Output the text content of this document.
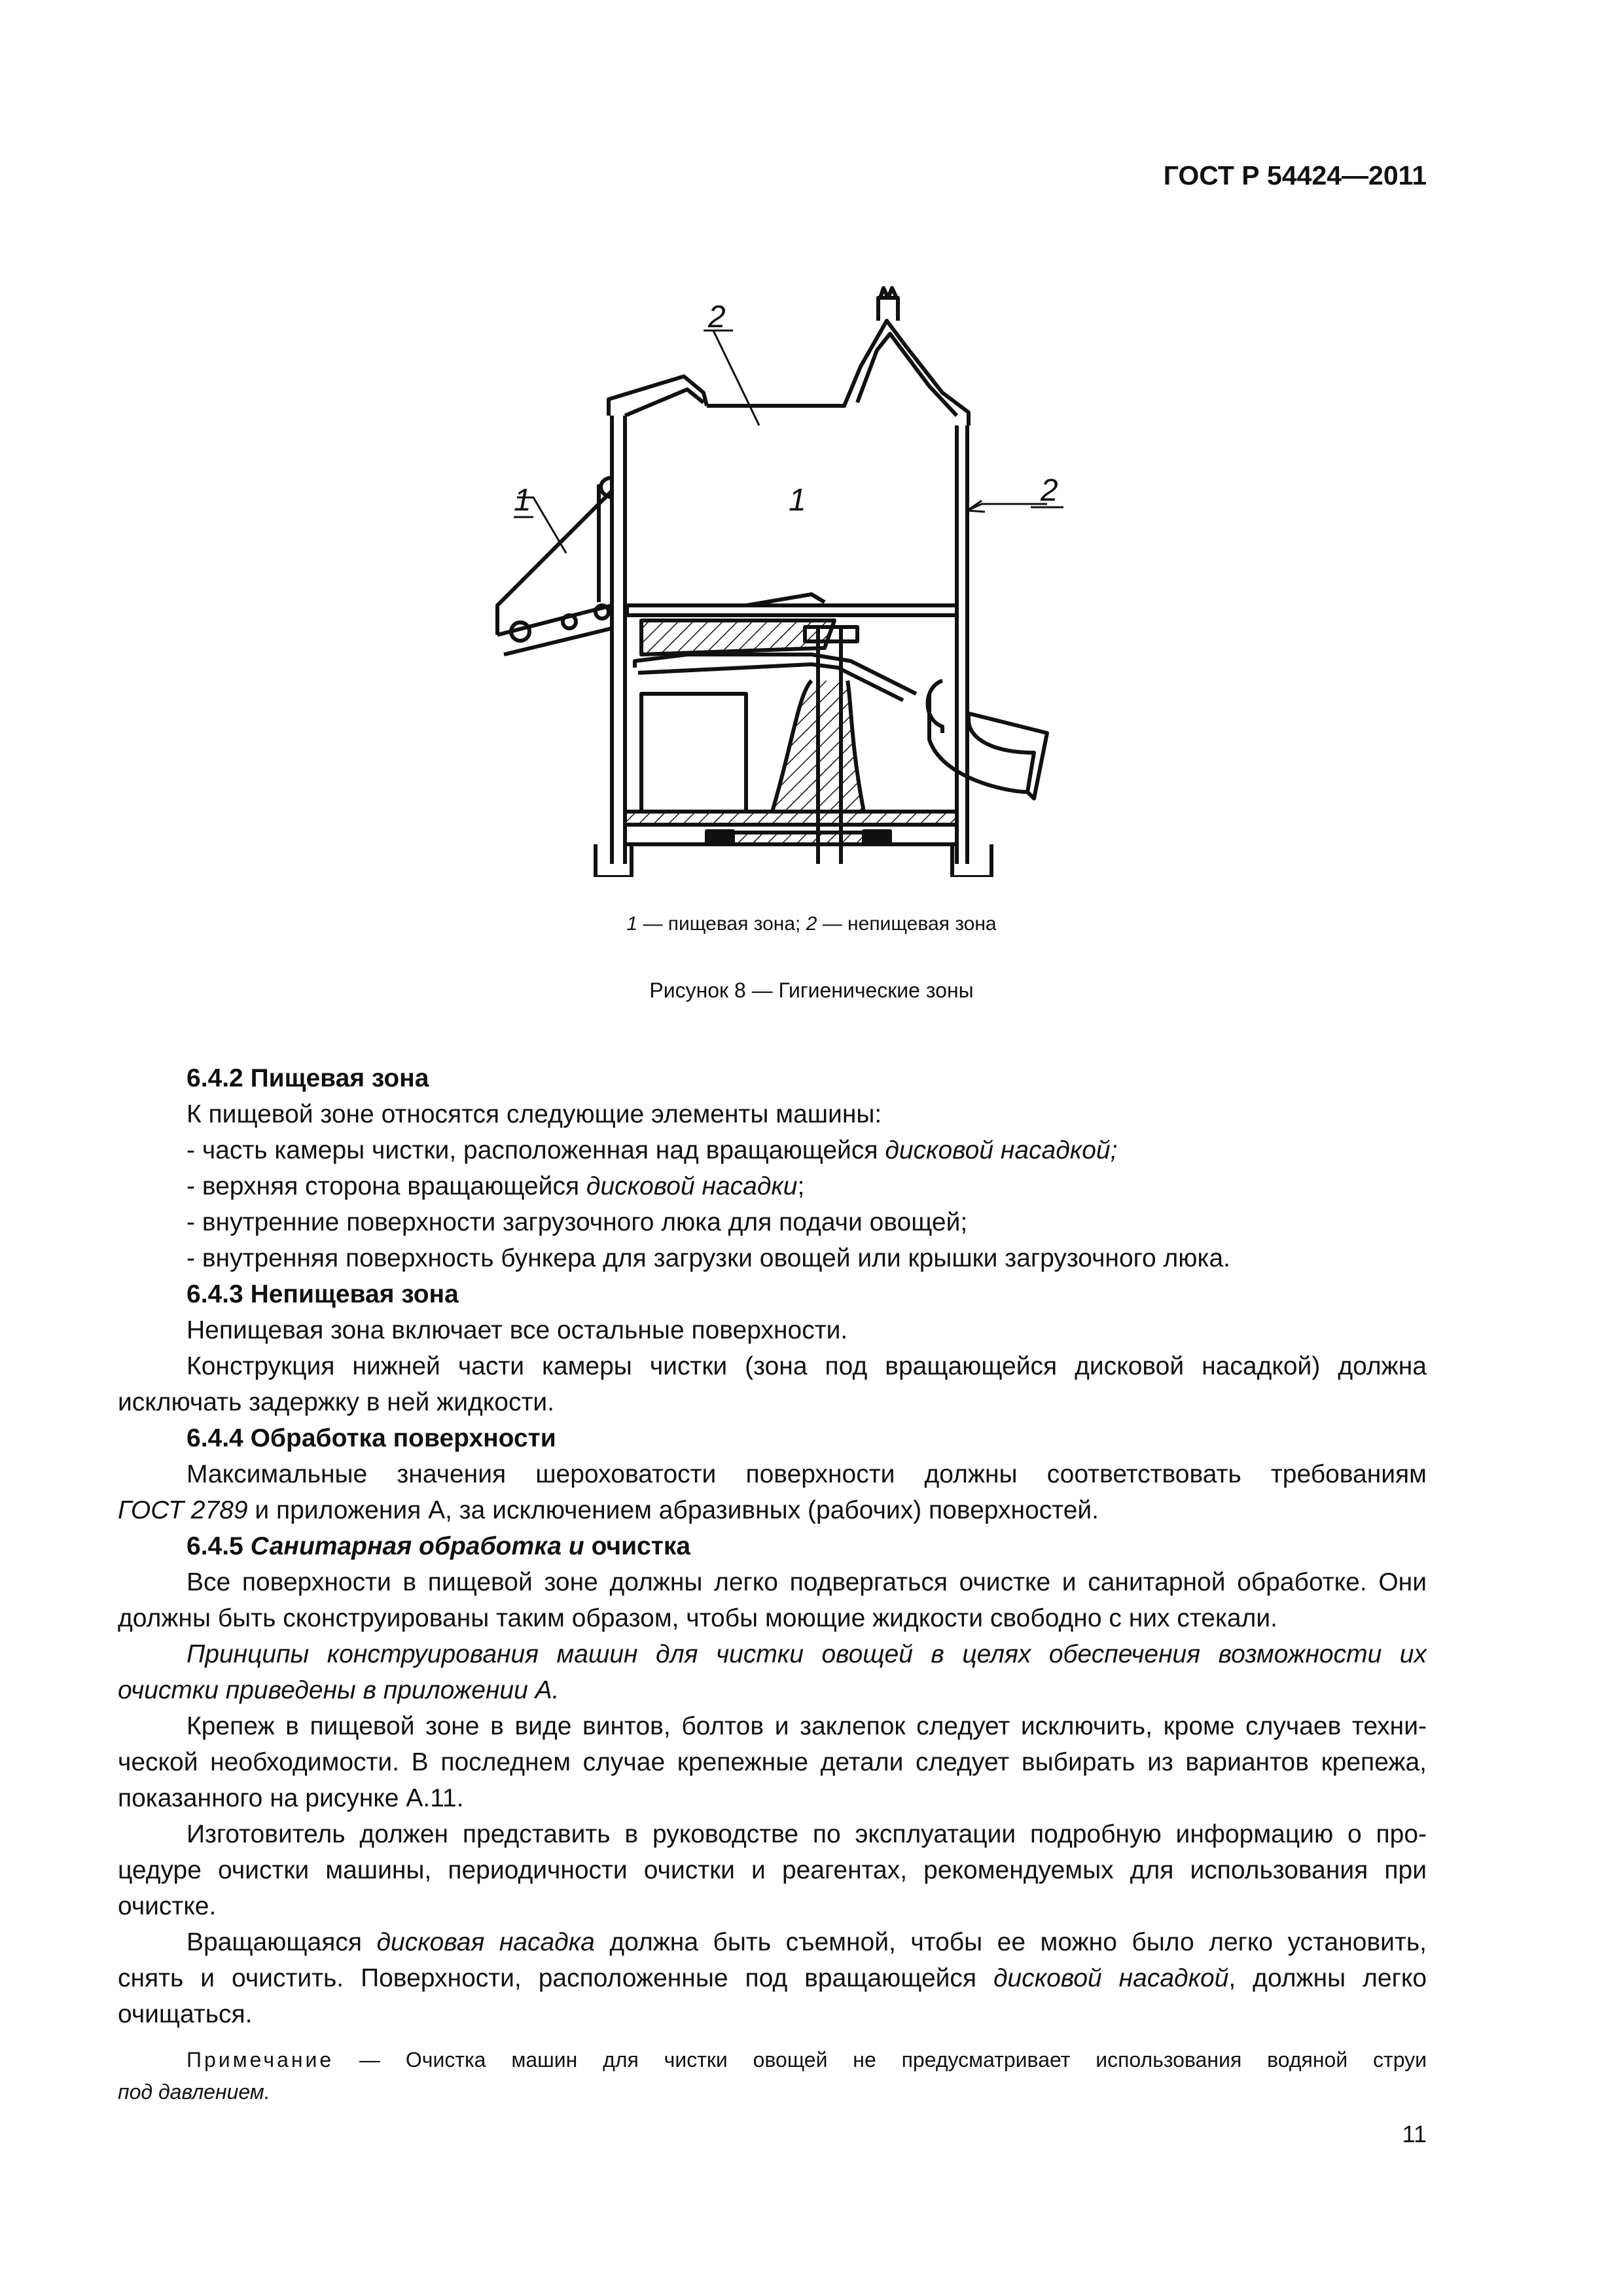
ГОСТ Р 54424—2011
2
1	1	2
1 — пищевая зона; 2 — непищевая зона
Рисунок 8 — Гигиенические зоны
6.4.2 Пищевая зона
К пищевой зоне относятся следующие элементы машины:
- часть камеры чистки, расположенная над вращающейся дисковой насадкой;
- верхняя сторона вращающейся дисковой насадки;
- внутренние поверхности загрузочного люка для подачи овощей;
- внутренняя поверхность бункера для загрузки овощей или крышки загрузочного люка.
6.4.3 Непищевая зона
Непищевая зона включает все остальные поверхности.
Конструкция нижней части камеры чистки (зона под вращающейся дисковой насадкой) должна
исключать задержку в ней жидкости.
6.4.4 Обработка поверхности
Максимальные значения шероховатости поверхности должны соответствовать требованиям
ГОСТ 2789 и приложения А, за исключением абразивных (рабочих) поверхностей.
6.4.5 Санитарная обработка и очистка
Все поверхности в пищевой зоне должны легко подвергаться очистке и санитарной обработке. Они
должны быть сконструированы таким образом, чтобы моющие жидкости свободно с них стекали.
Принципы конструирования машин для чистки овощей в целях обеспечения возможности их
очистки приведены в приложении А.
Крепеж в пищевой зоне в виде винтов, болтов и заклепок следует исключить, кроме случаев техни-
ческой необходимости. В последнем случае крепежные детали следует выбирать из вариантов крепежа,
показанного на рисунке А.11.
Изготовитель должен представить в руководстве по эксплуатации подробную информацию о про-
цедуре очистки машины, периодичности очистки и реагентах, рекомендуемых для использования при
очистке.
Вращающаяся дисковая насадка должна быть съемной, чтобы ее можно было легко установить,
снять и очистить. Поверхности, расположенные под вращающейся дисковой насадкой, должны легко
очищаться.
Примечание — Очистка машин для чистки овощей не предусматривает использования водяной струи
под давлением.
11
